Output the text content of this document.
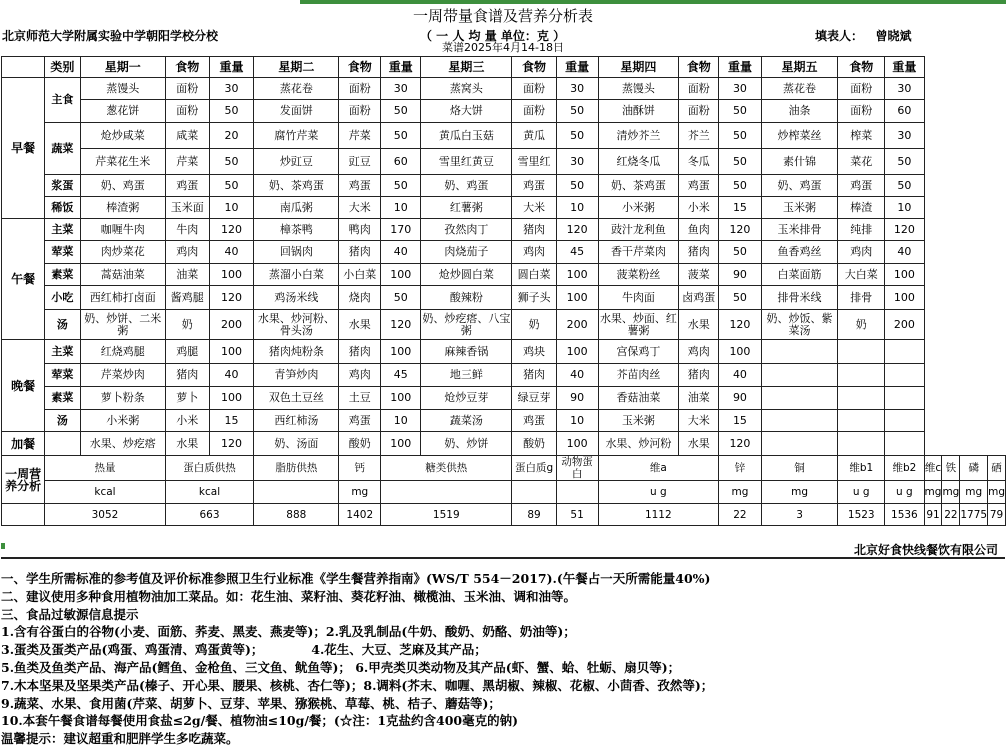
一周带量食谱及营养分析表
北京师范大学附属实验中学朝阳学校分校	（ 一 人 均 量 单位：克 ）	填表人：   曾晓斌
菜谱2025年4月14-18日
	类别	星期一	食物	重量	星期二	食物	重量	星期三	食物	重量	星期四	食物	重量	星期五	食物	重量				
早餐	主食	蒸馒头	面粉	30	蒸花卷	面粉	30	蒸窝头	面粉	30	蒸馒头	面粉	30	蒸花卷	面粉	30				
		葱花饼	面粉	50	发面饼	面粉	50	烙大饼	面粉	50	油酥饼	面粉	50	油条	面粉	60				
	蔬菜	炝炒咸菜	咸菜	20	腐竹芹菜	芹菜	50	黄瓜白玉菇	黄瓜	50	清炒芥兰	芥兰	50	炒榨菜丝	榨菜	30				
		芹菜花生米	芹菜	50	炒豇豆	豇豆	60	雪里红黄豆	雪里红	30	红烧冬瓜	冬瓜	50	素什锦	菜花	50				
	浆蛋	奶、鸡蛋	鸡蛋	50	奶、茶鸡蛋	鸡蛋	50	奶、鸡蛋	鸡蛋	50	奶、茶鸡蛋	鸡蛋	50	奶、鸡蛋	鸡蛋	50				
	稀饭	棒渣粥	玉米面	10	南瓜粥	大米	10	红薯粥	大米	10	小米粥	小米	15	玉米粥	棒渣	10				
午餐	主菜	咖喱牛肉	牛肉	120	樟茶鸭	鸭肉	170	孜然肉丁	猪肉	120	豉汁龙利鱼	鱼肉	120	玉米排骨	纯排	120				
	荤菜	肉炒菜花	鸡肉	40	回锅肉	猪肉	40	肉烧茄子	鸡肉	45	香干芹菜肉	猪肉	50	鱼香鸡丝	鸡肉	40				
	素菜	蒿菇油菜	油菜	100	蒸溜小白菜	小白菜	100	炝炒圆白菜	圆白菜	100	菠菜粉丝	菠菜	90	白菜面筋	大白菜	100				
	小吃	西红柿打卤面	酱鸡腿	120	鸡汤米线	烧肉	50	酸辣粉	狮子头	100	牛肉面	卤鸡蛋	50	排骨米线	排骨	100				
	汤	奶、炒饼、二米粥	奶	200	水果、炒河粉、骨头汤	水果	120	奶、炒疙瘩、八宝粥	奶	200	水果、炒面、红薯粥	水果	120	奶、炒饭、紫菜汤	奶	200				
晚餐	主菜	红烧鸡腿	鸡腿	100	猪肉炖粉条	猪肉	100	麻辣香锅	鸡块	100	宫保鸡丁	鸡肉	100							
	荤菜	芹菜炒肉	猪肉	40	青笋炒肉	鸡肉	45	地三鲜	猪肉	40	芥苗肉丝	猪肉	40							
	素菜	萝卜粉条	萝卜	100	双色土豆丝	土豆	100	炝炒豆芽	绿豆芽	90	香菇油菜	油菜	90							
	汤	小米粥	小米	15	西红柿汤	鸡蛋	10	蔬菜汤	鸡蛋	10	玉米粥	大米	15							
加餐		水果、炒疙瘩	水果	120	奶、汤面	酸奶	100	奶、炒饼	酸奶	100	水果、炒河粉	水果	120							
一周营养分析	热量		蛋白质供热		脂肪供热	钙	糖类供热		蛋白质g	动物蛋白	维a		锌	铜	维b1	维b2	维c	铁	磷	硒
	kcal		kcal			mg					u g		mg	mg	u g	u g	mg	mg	mg	mg
	3052		663		888	1402	1519		89	51	1112		22	3	1523	1536	91	22	1775	79
北京好食快线餐饮有限公司
一、学生所需标准的参考值及评价标准参照卫生行业标准《学生餐营养指南》(WS/T 554－2017).(午餐占一天所需能量40%)
二、建议使用多种食用植物油加工菜品。如：花生油、菜籽油、葵花籽油、橄榄油、玉米油、调和油等。
三、食品过敏源信息提示
1.含有谷蛋白的谷物(小麦、面筋、荞麦、黑麦、燕麦等)；2.乳及乳制品(牛奶、酸奶、奶酪、奶油等)；
3.蛋类及蛋类产品(鸡蛋、鸡蛋清、鸡蛋黄等)；           4.花生、大豆、芝麻及其产品；
5.鱼类及鱼类产品、海产品(鳕鱼、金枪鱼、三文鱼、鱿鱼等)； 6.甲壳类贝类动物及其产品(虾、蟹、蛤、牡蛎、扇贝等)；
7.木本坚果及坚果类产品(榛子、开心果、腰果、核桃、杏仁等)；8.调料(芥末、咖喱、黑胡椒、辣椒、花椒、小茴香、孜然等)；
9.蔬菜、水果、食用菌(芹菜、胡萝卜、豆芽、苹果、猕猴桃、草莓、桃、桔子、蘑菇等)；
10.本套午餐食谱每餐使用食盐≤2g/餐、植物油≤10g/餐；(☆注：1克盐约含400毫克的钠)
温馨提示：建议超重和肥胖学生多吃蔬菜。
